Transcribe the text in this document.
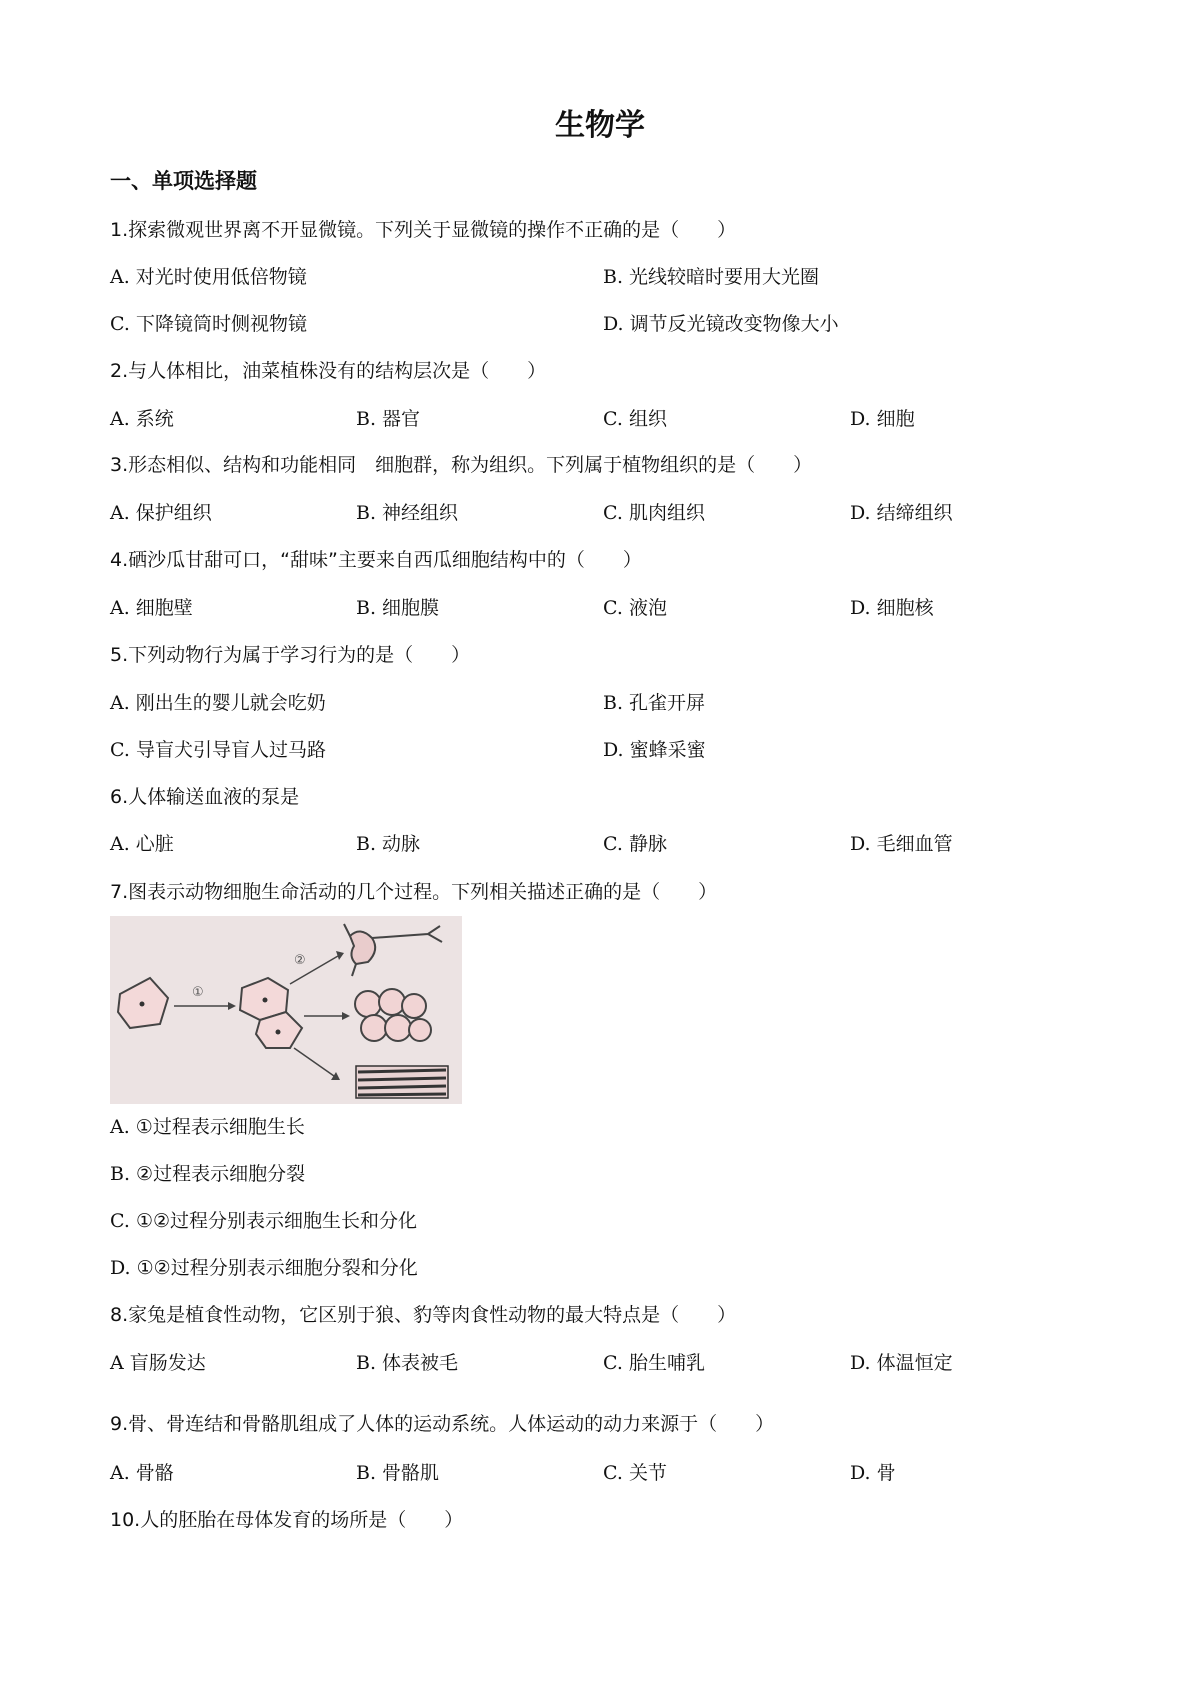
生物学
一、单项选择题
1.探索微观世界离不开显微镜。下列关于显微镜的操作不正确的是（　　）
A. 对光时使用低倍物镜	B. 光线较暗时要用大光圈
C. 下降镜筒时侧视物镜	D. 调节反光镜改变物像大小
2.与人体相比，油菜植株没有的结构层次是（　　）
A. 系统	B. 器官	C. 组织	D. 细胞
3.形态相似、结构和功能相同　细胞群，称为组织。下列属于植物组织的是（　　）
A. 保护组织	B. 神经组织	C. 肌肉组织	D. 结缔组织
4.硒沙瓜甘甜可口，“甜味”主要来自西瓜细胞结构中的（　　）
A. 细胞壁	B. 细胞膜	C. 液泡	D. 细胞核
5.下列动物行为属于学习行为的是（　　）
A. 刚出生的婴儿就会吃奶	B. 孔雀开屏
C. 导盲犬引导盲人过马路	D. 蜜蜂采蜜
6.人体输送血液的泵是
A. 心脏	B. 动脉	C. 静脉	D. 毛细血管
7.图表示动物细胞生命活动的几个过程。下列相关描述正确的是（　　）
①
②
A. ①过程表示细胞生长
B. ②过程表示细胞分裂
C. ①②过程分别表示细胞生长和分化
D. ①②过程分别表示细胞分裂和分化
8.家兔是植食性动物，它区别于狼、豹等肉食性动物的最大特点是（　　）
A 盲肠发达	B. 体表被毛	C. 胎生哺乳	D. 体温恒定
9.骨、骨连结和骨骼肌组成了人体的运动系统。人体运动的动力来源于（　　）
A. 骨骼	B. 骨骼肌	C. 关节	D. 骨
10.人的胚胎在母体发育的场所是（　　）
